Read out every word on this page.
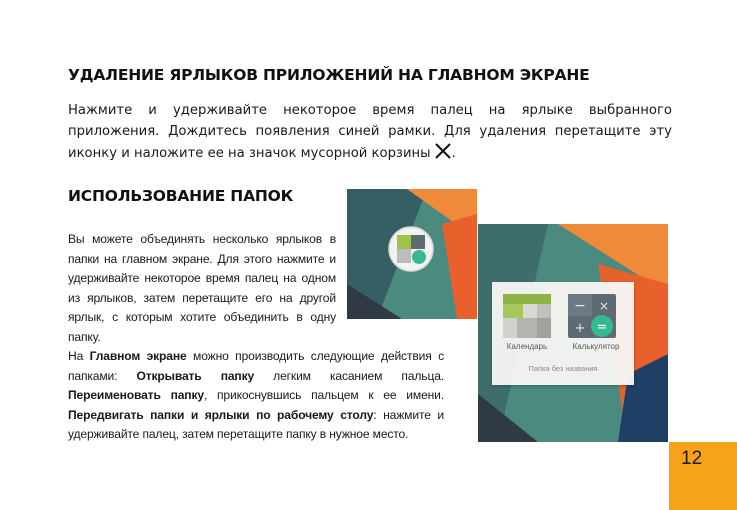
УДАЛЕНИЕ ЯРЛЫКОВ ПРИЛОЖЕНИЙ НА ГЛАВНОМ ЭКРАНЕ

Нажмите и удерживайте некоторое время палец на ярлыке выбранного приложения. Дождитесь появления синей рамки. Для удаления перетащите эту иконку и наложите ее на значок мусорной корзины .

ИСПОЛЬЗОВАНИЕ ПАПОК

Вы можете объединять несколько ярлыков в папки на главном экране. Для этого нажмите и удерживайте некоторое время палец на одном из ярлыков, затем перетащите его на другой ярлык, с которым хотите объединить в одну папку.

На Главном экране можно производить следующие действия с папками: Открывать папку легким касанием пальца. Переименовать папку, прикоснувшись пальцем к ее имени. Передвигать папки и ярлыки по рабочему столу: нажмите и удерживайте палец, затем перетащите папку в нужное место.

Календарь
− ×
+ =
Калькулятор
Папка без названия
12
